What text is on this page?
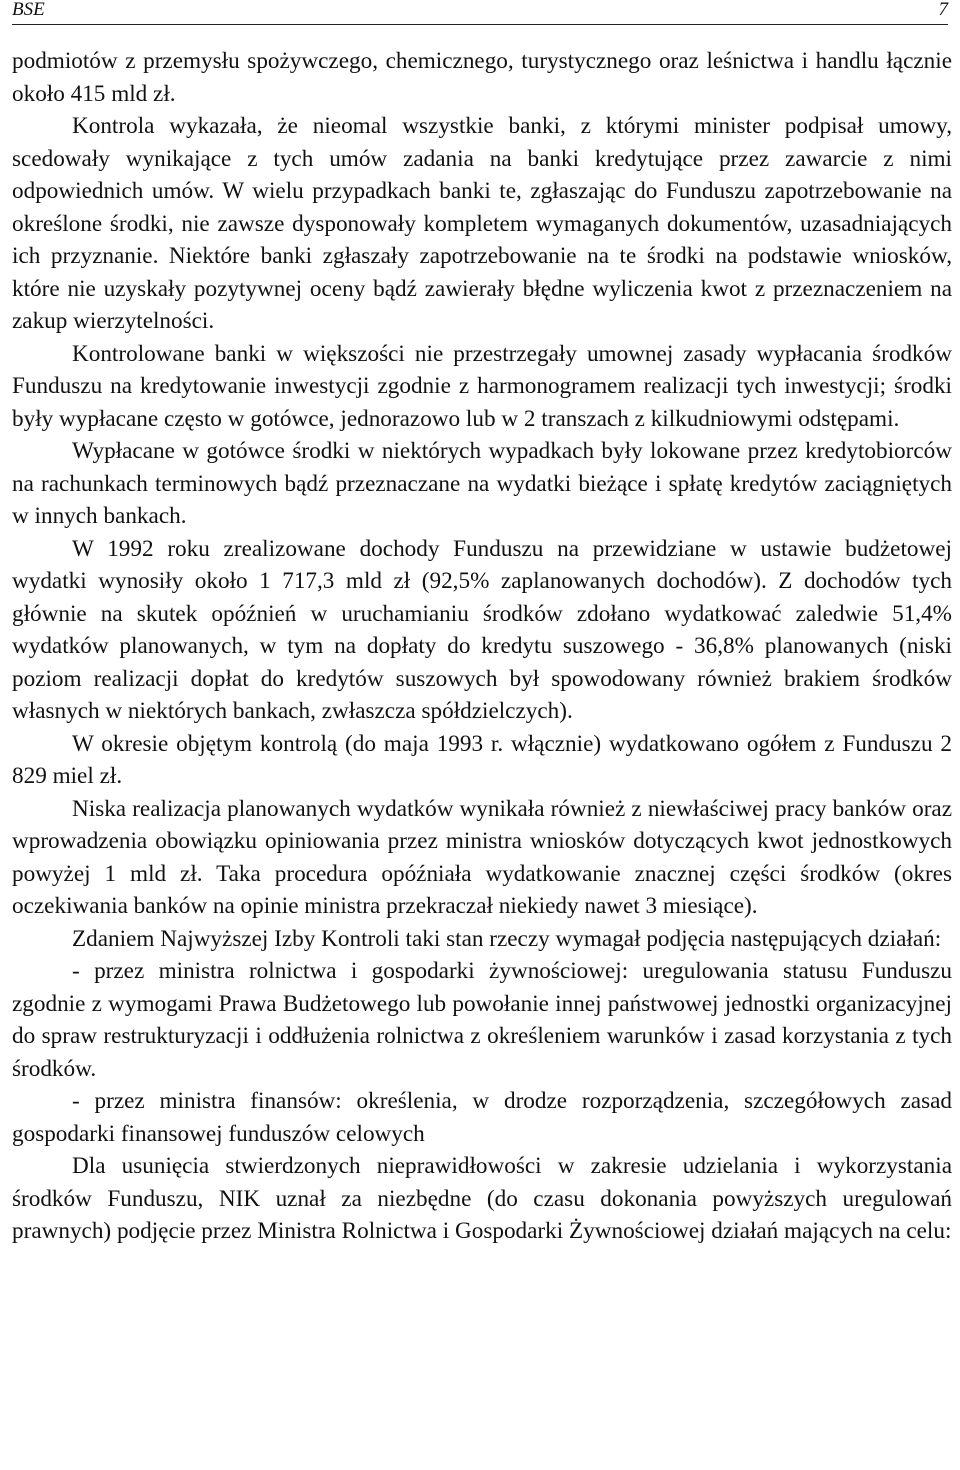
BSE	7

podmiotów z przemysłu spożywczego, chemicznego, turystycznego oraz leśnictwa i handlu łącznie około 415 mld zł.

Kontrola wykazała, że nieomal wszystkie banki, z którymi minister podpisał umowy, scedowały wynikające z tych umów zadania na banki kredytujące przez zawarcie z nimi odpowiednich umów. W wielu przypadkach banki te, zgłaszając do Funduszu zapotrzebowanie na określone środki, nie zawsze dysponowały kompletem wymaganych dokumentów, uzasadniających ich przyznanie. Niektóre banki zgłaszały zapotrzebowanie na te środki na podstawie wniosków, które nie uzyskały pozytywnej oceny bądź zawierały błędne wyliczenia kwot z przeznaczeniem na zakup wierzytelności.

Kontrolowane banki w większości nie przestrzegały umownej zasady wypłacania środków Funduszu na kredytowanie inwestycji zgodnie z harmonogramem realizacji tych inwestycji; środki były wypłacane często w gotówce, jednorazowo lub w 2 transzach z kilkudniowymi odstępami.

Wypłacane w gotówce środki w niektórych wypadkach były lokowane przez kredytobiorców na rachunkach terminowych bądź przeznaczane na wydatki bieżące i spłatę kredytów zaciągniętych w innych bankach.

W 1992 roku zrealizowane dochody Funduszu na przewidziane w ustawie budżetowej wydatki wynosiły około 1 717,3 mld zł (92,5% zaplanowanych dochodów). Z dochodów tych głównie na skutek opóźnień w uruchamianiu środków zdołano wydatkować zaledwie 51,4% wydatków planowanych, w tym na dopłaty do kredytu suszowego - 36,8% planowanych (niski poziom realizacji dopłat do kredytów suszowych był spowodowany również brakiem środków własnych w niektórych bankach, zwłaszcza spółdzielczych).

W okresie objętym kontrolą (do maja 1993 r. włącznie) wydatkowano ogółem z Funduszu 2 829 miel zł.

Niska realizacja planowanych wydatków wynikała również z niewłaściwej pracy banków oraz wprowadzenia obowiązku opiniowania przez ministra wniosków dotyczących kwot jednostkowych powyżej 1 mld zł. Taka procedura opóźniała wydatkowanie znacznej części środków (okres oczekiwania banków na opinie ministra przekraczał niekiedy nawet 3 miesiące).

Zdaniem Najwyższej Izby Kontroli taki stan rzeczy wymagał podjęcia następujących działań:

- przez ministra rolnictwa i gospodarki żywnościowej: uregulowania statusu Funduszu zgodnie z wymogami Prawa Budżetowego lub powołanie innej państwowej jednostki organizacyjnej do spraw restrukturyzacji i oddłużenia rolnictwa z określeniem warunków i zasad korzystania z tych środków.

- przez ministra finansów: określenia, w drodze rozporządzenia, szczegółowych zasad gospodarki finansowej funduszów celowych

Dla usunięcia stwierdzonych nieprawidłowości w zakresie udzielania i wykorzystania środków Funduszu, NIK uznał za niezbędne (do czasu dokonania powyższych uregulowań prawnych) podjęcie przez Ministra Rolnictwa i Gospodarki Żywnościowej działań mających na celu:
